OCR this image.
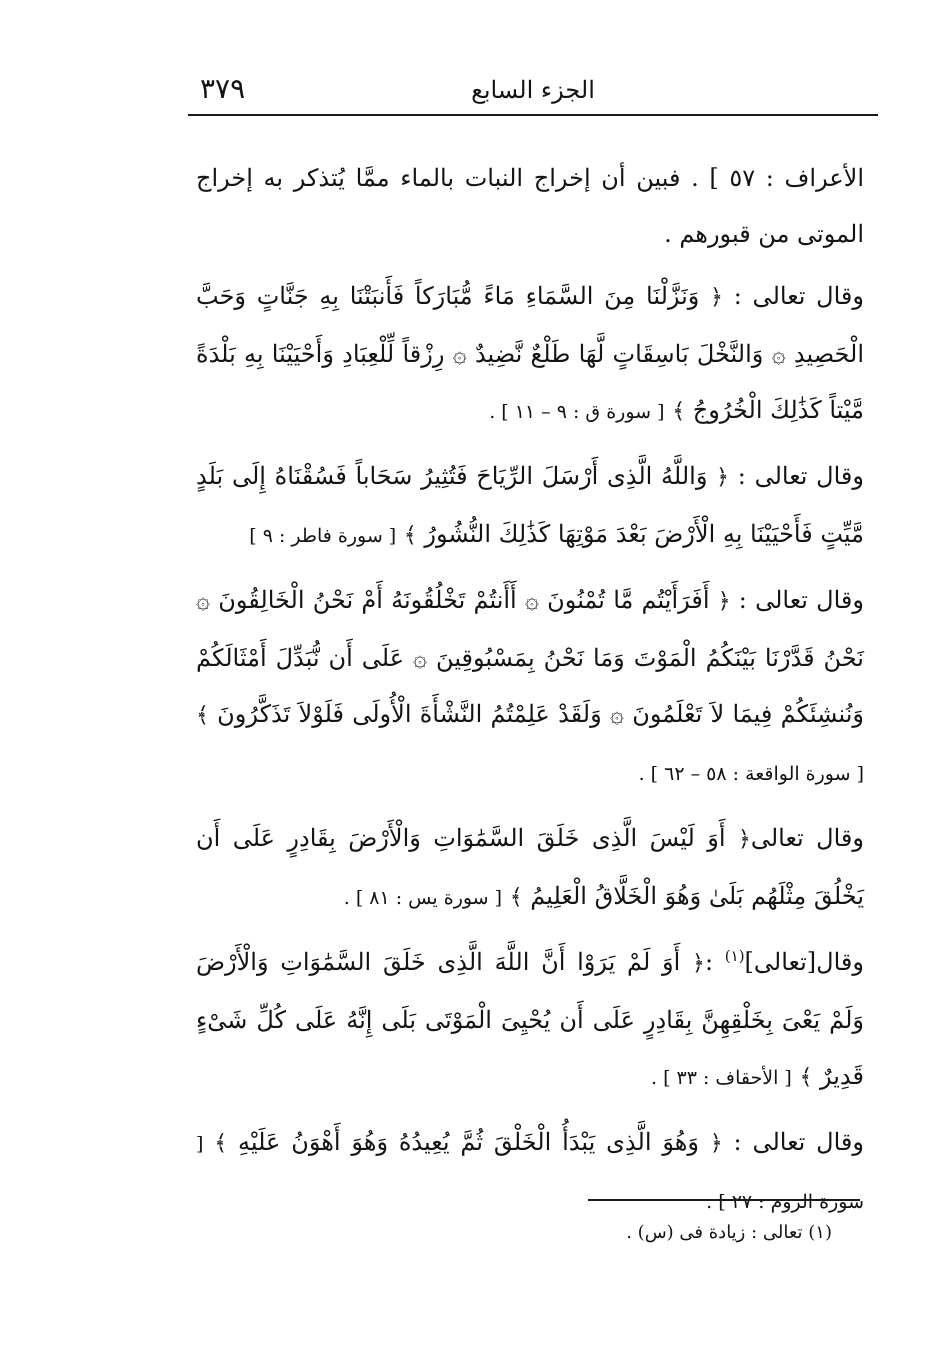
٣٧٩	الجزء السابع

الأعراف : ٥٧ ] . فبين أن إخراج النبات بالماء ممَّا يُتذكر به إخراج الموتى من قبورهم .

وقال تعالى : ﴿ وَنَزَّلْنَا مِنَ السَّمَاءِ مَاءً مُّبَارَكاً فَأَنبَتْنَا بِهِ جَنَّاتٍ وَحَبَّ الْحَصِيدِ ۞ وَالنَّخْلَ بَاسِقَاتٍ لَّهَا طَلْعٌ نَّضِيدٌ ۞ رِزْقاً لِّلْعِبَادِ وَأَحْيَيْنَا بِهِ بَلْدَةً مَّيْتاً كَذَٰلِكَ الْخُرُوجُ ﴾ [ سورة ق : ٩ – ١١ ] .

وقال تعالى : ﴿ وَاللَّهُ الَّذِى أَرْسَلَ الرِّيَاحَ فَتُثِيرُ سَحَاباً فَسُقْنَاهُ إِلَى بَلَدٍ مَّيِّتٍ فَأَحْيَيْنَا بِهِ الْأَرْضَ بَعْدَ مَوْتِهَا كَذَٰلِكَ النُّشُورُ ﴾ [ سورة فاطر : ٩ ]

وقال تعالى : ﴿ أَفَرَأَيْتُم مَّا تُمْنُونَ ۞ أَأَنتُمْ تَخْلُقُونَهُ أَمْ نَحْنُ الْخَالِقُونَ ۞ نَحْنُ قَدَّرْنَا بَيْنَكُمُ الْمَوْتَ وَمَا نَحْنُ بِمَسْبُوقِينَ ۞ عَلَى أَن نُّبَدِّلَ أَمْثَالَكُمْ وَنُنشِئَكُمْ فِيمَا لاَ تَعْلَمُونَ ۞ وَلَقَدْ عَلِمْتُمُ النَّشْأَةَ الْأُولَى فَلَوْلاَ تَذَكَّرُونَ ﴾ [ سورة الواقعة : ٥٨ – ٦٢ ] .

وقال تعالى﴿ أَوَ لَيْسَ الَّذِى خَلَقَ السَّمَٰوَاتِ وَالْأَرْضَ بِقَادِرٍ عَلَى أَن يَخْلُقَ مِثْلَهُم بَلَىٰ وَهُوَ الْخَلَّاقُ الْعَلِيمُ ﴾ [ سورة يس : ٨١ ] .

وقال[تعالى]$^{(١)}$ :﴿ أَوَ لَمْ يَرَوْا أَنَّ اللَّهَ الَّذِى خَلَقَ السَّمَٰوَاتِ وَالْأَرْضَ وَلَمْ يَعْىَ بِخَلْقِهِنَّ بِقَادِرٍ عَلَى أَن يُحْيِىَ الْمَوْتَى بَلَى إِنَّهُ عَلَى كُلِّ شَىْءٍ قَدِيرٌ ﴾ [ الأحقاف : ٣٣ ] .

وقال تعالى : ﴿ وَهُوَ الَّذِى يَبْدَأُ الْخَلْقَ ثُمَّ يُعِيدُهُ وَهُوَ أَهْوَنُ عَلَيْهِ ﴾ [ سورة الروم : ٢٧ ] .

(١) تعالى : زيادة فى (س) .
